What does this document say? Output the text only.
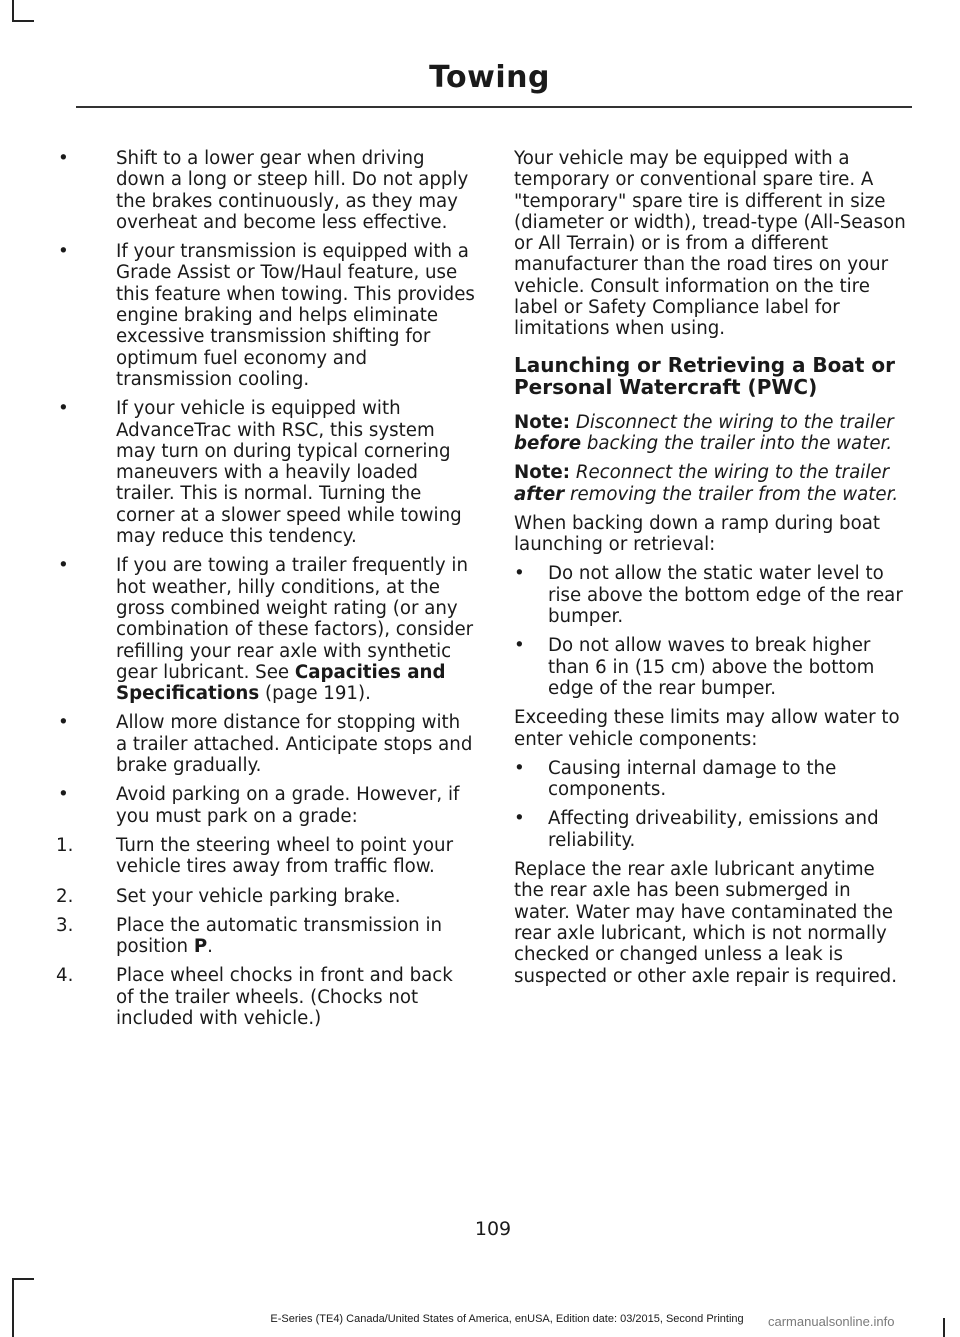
Towing
•	Shift to a lower gear when driving down a long or steep hill. Do not apply the brakes continuously, as they may overheat and become less effective.
•	If your transmission is equipped with a Grade Assist or Tow/Haul feature, use this feature when towing. This provides engine braking and helps eliminate excessive transmission shifting for optimum fuel economy and transmission cooling.
•	If your vehicle is equipped with AdvanceTrac with RSC, this system may turn on during typical cornering maneuvers with a heavily loaded trailer. This is normal. Turning the corner at a slower speed while towing may reduce this tendency.
•	If you are towing a trailer frequently in hot weather, hilly conditions, at the gross combined weight rating (or any combination of these factors), consider refilling your rear axle with synthetic gear lubricant. See Capacities and Specifications (page 191).
•	Allow more distance for stopping with a trailer attached. Anticipate stops and brake gradually.
•	Avoid parking on a grade. However, if you must park on a grade:
1.	Turn the steering wheel to point your vehicle tires away from traffic flow.
2.	Set your vehicle parking brake.
3.	Place the automatic transmission in position P.
4.	Place wheel chocks in front and back of the trailer wheels. (Chocks not included with vehicle.)

Your vehicle may be equipped with a temporary or conventional spare tire. A "temporary" spare tire is different in size (diameter or width), tread-type (All-Season or All Terrain) or is from a different manufacturer than the road tires on your vehicle. Consult information on the tire label or Safety Compliance label for limitations when using.

Launching or Retrieving a Boat or Personal Watercraft (PWC)

Note: Disconnect the wiring to the trailer before backing the trailer into the water.

Note: Reconnect the wiring to the trailer after removing the trailer from the water.

When backing down a ramp during boat launching or retrieval:

•	Do not allow the static water level to rise above the bottom edge of the rear bumper.
•	Do not allow waves to break higher than 6 in (15 cm) above the bottom edge of the rear bumper.

Exceeding these limits may allow water to enter vehicle components:

•	Causing internal damage to the components.
•	Affecting driveability, emissions and reliability.

Replace the rear axle lubricant anytime the rear axle has been submerged in water. Water may have contaminated the rear axle lubricant, which is not normally checked or changed unless a leak is suspected or other axle repair is required.

109
E-Series (TE4) Canada/United States of America, enUSA, Edition date: 03/2015, Second Printing	carmanualsonline.info
